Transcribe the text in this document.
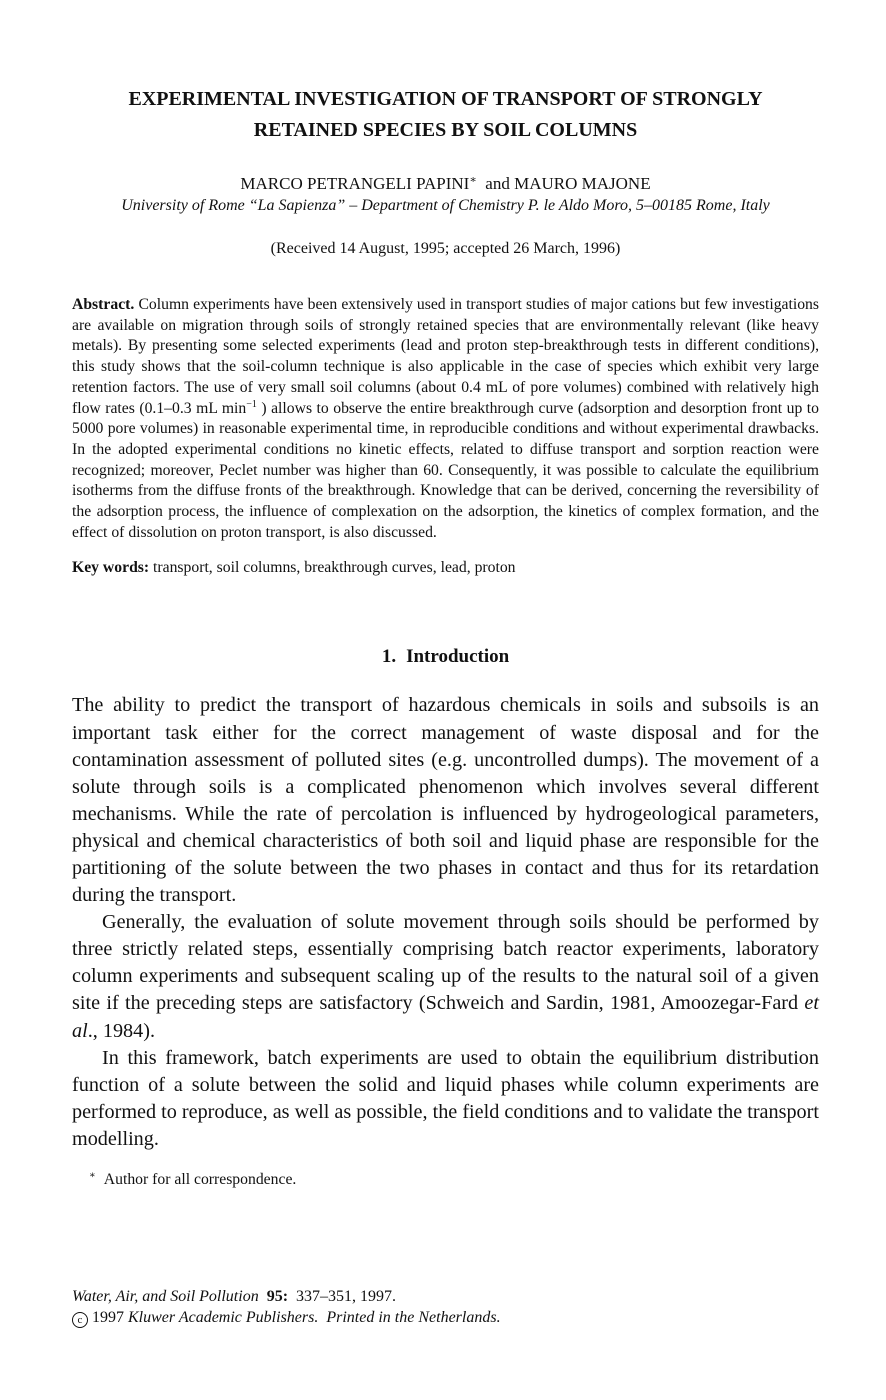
EXPERIMENTAL INVESTIGATION OF TRANSPORT OF STRONGLY
RETAINED SPECIES BY SOIL COLUMNS
MARCO PETRANGELI PAPINI∗ and MAURO MAJONE
University of Rome “La Sapienza” – Department of Chemistry P. le Aldo Moro, 5–00185 Rome, Italy
(Received 14 August, 1995; accepted 26 March, 1996)
Abstract. Column experiments have been extensively used in transport studies of major cations but few investigations are available on migration through soils of strongly retained species that are environmentally relevant (like heavy metals). By presenting some selected experiments (lead and proton step-breakthrough tests in different conditions), this study shows that the soil-column technique is also applicable in the case of species which exhibit very large retention factors. The use of very small soil columns (about 0.4 mL of pore volumes) combined with relatively high flow rates (0.1–0.3 mL $\min^{-1}$ ) allows to observe the entire breakthrough curve (adsorption and desorption front up to 5000 pore volumes) in reasonable experimental time, in reproducible conditions and without experimental drawbacks. In the adopted experimental conditions no kinetic effects, related to diffuse transport and sorption reaction were recognized; moreover, Peclet number was higher than 60. Consequently, it was possible to calculate the equilibrium isotherms from the diffuse fronts of the breakthrough. Knowledge that can be derived, concerning the reversibility of the adsorption process, the influence of complexation on the adsorption, the kinetics of complex formation, and the effect of dissolution on proton transport, is also discussed.
Key words: transport, soil columns, breakthrough curves, lead, proton
1. Introduction

The ability to predict the transport of hazardous chemicals in soils and subsoils is an important task either for the correct management of waste disposal and for the contamination assessment of polluted sites (e.g. uncontrolled dumps). The movement of a solute through soils is a complicated phenomenon which involves several different mechanisms. While the rate of percolation is influenced by hydrogeological parameters, physical and chemical characteristics of both soil and liquid phase are responsible for the partitioning of the solute between the two phases in contact and thus for its retardation during the transport.

Generally, the evaluation of solute movement through soils should be performed by three strictly related steps, essentially comprising batch reactor experiments, laboratory column experiments and subsequent scaling up of the results to the natural soil of a given site if the preceding steps are satisfactory (Schweich and Sardin, 1981, Amoozegar-Fard et al., 1984).

In this framework, batch experiments are used to obtain the equilibrium distribution function of a solute between the solid and liquid phases while column experiments are performed to reproduce, as well as possible, the field conditions and to validate the transport modelling.

∗ Author for all correspondence.
Water, Air, and Soil Pollution 95: 337–351, 1997.
c 1997 Kluwer Academic Publishers. Printed in the Netherlands.
